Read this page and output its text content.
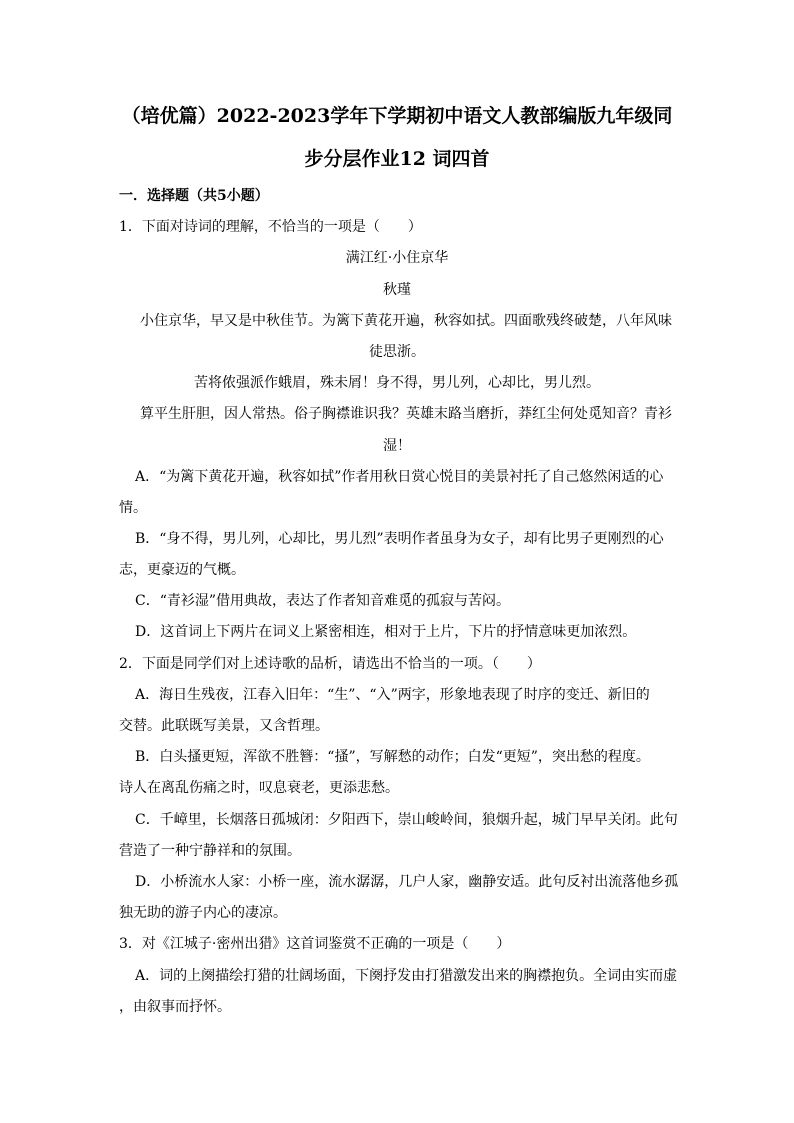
（培优篇）2022-2023学年下学期初中语文人教部编版九年级同
步分层作业12 词四首
一．选择题（共5小题）
1．下面对诗词的理解，不恰当的一项是（　　）
满江红·小住京华
秋瑾
小住京华，早又是中秋佳节。为篱下黄花开遍，秋容如拭。四面歌残终破楚，八年风味
徒思浙。
苦将侬强派作蛾眉，殊未屑！身不得，男儿列，心却比，男儿烈。
算平生肝胆，因人常热。俗子胸襟谁识我？英雄末路当磨折，莽红尘何处觅知音？青衫
湿！
A．“为篱下黄花开遍，秋容如拭”作者用秋日赏心悦目的美景衬托了自己悠然闲适的心
情。
B．“身不得，男儿列，心却比，男儿烈”表明作者虽身为女子，却有比男子更刚烈的心
志，更豪迈的气概。
C．“青衫湿”借用典故，表达了作者知音难觅的孤寂与苦闷。
D．这首词上下两片在词义上紧密相连，相对于上片，下片的抒情意味更加浓烈。
2．下面是同学们对上述诗歌的品析，请选出不恰当的一项。（　　）
A．海日生残夜，江春入旧年：“生”、“入”两字，形象地表现了时序的变迁、新旧的
交替。此联既写美景，又含哲理。
B．白头搔更短，浑欲不胜簪：“搔”，写解愁的动作；白发“更短”，突出愁的程度。
诗人在离乱伤痛之时，叹息衰老，更添悲愁。
C．千嶂里，长烟落日孤城闭：夕阳西下，崇山峻岭间，狼烟升起，城门早早关闭。此句
营造了一种宁静祥和的氛围。
D．小桥流水人家：小桥一座，流水潺潺，几户人家，幽静安适。此句反衬出流落他乡孤
独无助的游子内心的凄凉。
3．对《江城子·密州出猎》这首词鉴赏不正确的一项是（　　）
A．词的上阕描绘打猎的壮阔场面，下阕抒发由打猎激发出来的胸襟抱负。全词由实而虚
，由叙事而抒怀。
